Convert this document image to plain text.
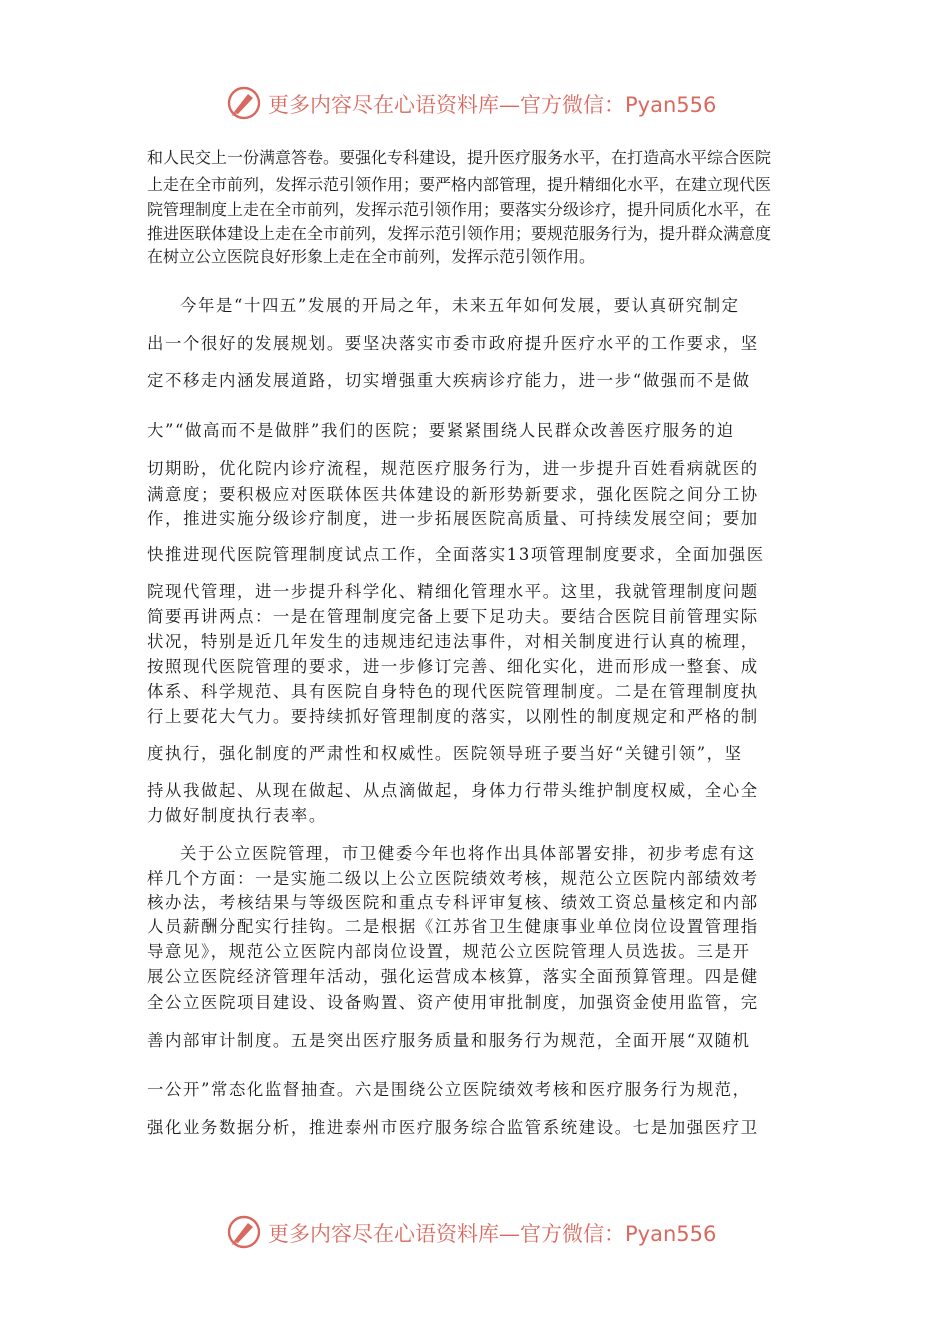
更多内容尽在心语资料库—官方微信：Pyan556
和人民交上一份满意答卷。要强化专科建设，提升医疗服务水平，在打造高水平综合医院
上走在全市前列，发挥示范引领作用；要严格内部管理，提升精细化水平，在建立现代医
院管理制度上走在全市前列，发挥示范引领作用；要落实分级诊疗，提升同质化水平，在
推进医联体建设上走在全市前列，发挥示范引领作用；要规范服务行为，提升群众满意度
在树立公立医院良好形象上走在全市前列，发挥示范引领作用。
今年是“十四五”发展的开局之年，未来五年如何发展，要认真研究制定
出一个很好的发展规划。要坚决落实市委市政府提升医疗水平的工作要求，坚
定不移走内涵发展道路，切实增强重大疾病诊疗能力，进一步“做强而不是做
大”“做高而不是做胖”我们的医院；要紧紧围绕人民群众改善医疗服务的迫
切期盼，优化院内诊疗流程，规范医疗服务行为，进一步提升百姓看病就医的
满意度；要积极应对医联体医共体建设的新形势新要求，强化医院之间分工协
作，推进实施分级诊疗制度，进一步拓展医院高质量、可持续发展空间；要加
快推进现代医院管理制度试点工作，全面落实13项管理制度要求，全面加强医
院现代管理，进一步提升科学化、精细化管理水平。这里，我就管理制度问题
简要再讲两点：一是在管理制度完备上要下足功夫。要结合医院目前管理实际
状况，特别是近几年发生的违规违纪违法事件，对相关制度进行认真的梳理，
按照现代医院管理的要求，进一步修订完善、细化实化，进而形成一整套、成
体系、科学规范、具有医院自身特色的现代医院管理制度。二是在管理制度执
行上要花大气力。要持续抓好管理制度的落实，以刚性的制度规定和严格的制
度执行，强化制度的严肃性和权威性。医院领导班子要当好“关键引领”，坚
持从我做起、从现在做起、从点滴做起，身体力行带头维护制度权威，全心全
力做好制度执行表率。
关于公立医院管理，市卫健委今年也将作出具体部署安排，初步考虑有这
样几个方面：一是实施二级以上公立医院绩效考核，规范公立医院内部绩效考
核办法，考核结果与等级医院和重点专科评审复核、绩效工资总量核定和内部
人员薪酬分配实行挂钩。二是根据《江苏省卫生健康事业单位岗位设置管理指
导意见》，规范公立医院内部岗位设置，规范公立医院管理人员选拔。三是开
展公立医院经济管理年活动，强化运营成本核算，落实全面预算管理。四是健
全公立医院项目建设、设备购置、资产使用审批制度，加强资金使用监管，完
善内部审计制度。五是突出医疗服务质量和服务行为规范，全面开展“双随机
一公开”常态化监督抽查。六是围绕公立医院绩效考核和医疗服务行为规范，
强化业务数据分析，推进泰州市医疗服务综合监管系统建设。七是加强医疗卫
更多内容尽在心语资料库—官方微信：Pyan556
